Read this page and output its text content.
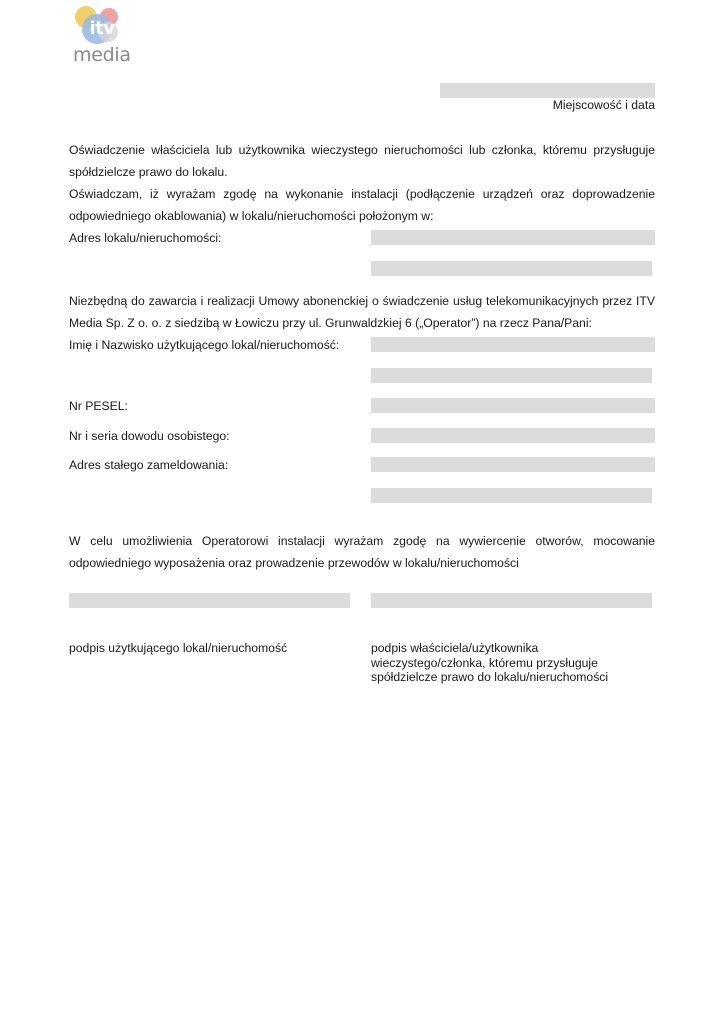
itv
media
Miejscowość i data
Oświadczenie właściciela lub użytkownika wieczystego nieruchomości lub członka, któremu przysługuje
spółdzielcze prawo do lokalu.
Oświadczam, iż wyrażam zgodę na wykonanie instalacji (podłączenie urządzeń oraz doprowadzenie
odpowiedniego okablowania) w lokalu/nieruchomości położonym w:
Adres lokalu/nieruchomości:
Niezbędną do zawarcia i realizacji Umowy abonenckiej o świadczenie usług telekomunikacyjnych przez ITV
Media Sp. Z o. o. z siedzibą w Łowiczu przy ul. Grunwaldzkiej 6 („Operator”) na rzecz Pana/Pani:
Imię i Nazwisko użytkującego lokal/nieruchomość:
Nr PESEL:
Nr i seria dowodu osobistego:
Adres stałego zameldowania:
W celu umożliwienia Operatorowi instalacji wyrażam zgodę na wywiercenie otworów, mocowanie
odpowiedniego wyposażenia oraz prowadzenie przewodów w lokalu/nieruchomości
podpis użytkującego lokal/nieruchomość	podpis właściciela/użytkownika
wieczystego/członka, któremu przysługuje
spółdzielcze prawo do lokalu/nieruchomości
